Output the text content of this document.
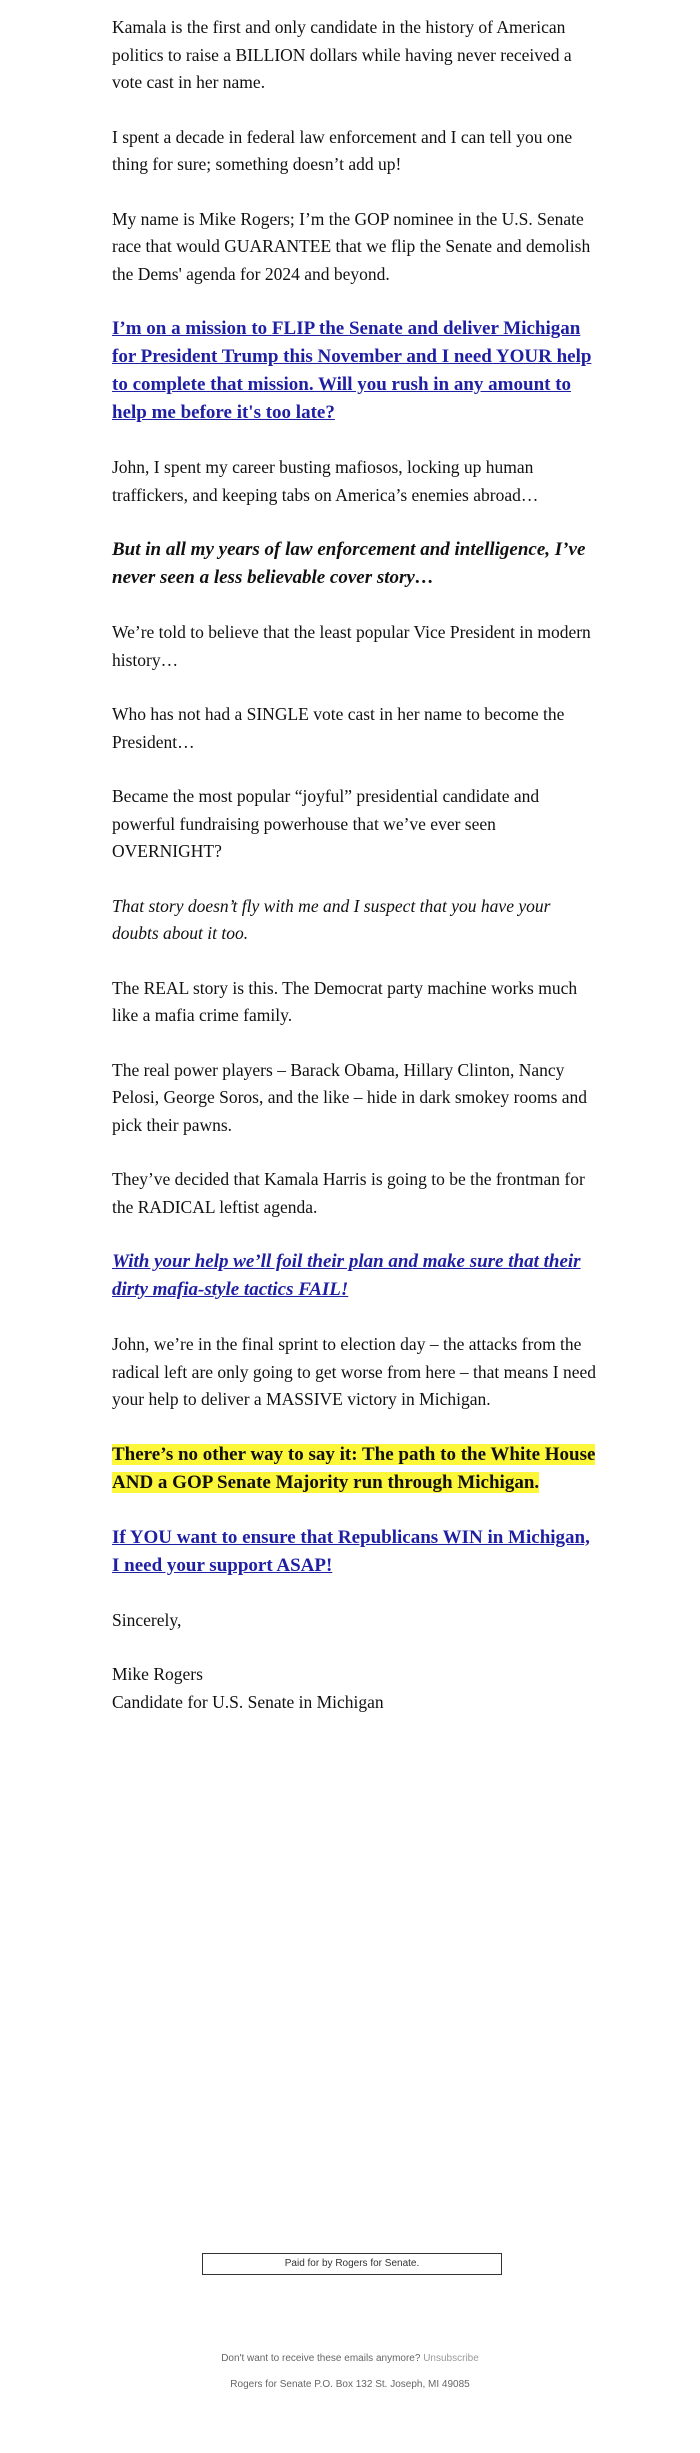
Kamala is the first and only candidate in the history of American politics to raise a BILLION dollars while having never received a vote cast in her name.

I spent a decade in federal law enforcement and I can tell you one thing for sure; something doesn’t add up!

My name is Mike Rogers; I’m the GOP nominee in the U.S. Senate race that would GUARANTEE that we flip the Senate and demolish the Dems' agenda for 2024 and beyond.

I’m on a mission to FLIP the Senate and deliver Michigan for President Trump this November and I need YOUR help to complete that mission. Will you rush in any amount to help me before it's too late?

John, I spent my career busting mafiosos, locking up human traffickers, and keeping tabs on America’s enemies abroad…

But in all my years of law enforcement and intelligence, I’ve never seen a less believable cover story…

We’re told to believe that the least popular Vice President in modern history…

Who has not had a SINGLE vote cast in her name to become the President…

Became the most popular “joyful” presidential candidate and powerful fundraising powerhouse that we’ve ever seen OVERNIGHT?

That story doesn’t fly with me and I suspect that you have your doubts about it too.

The REAL story is this. The Democrat party machine works much like a mafia crime family.

The real power players – Barack Obama, Hillary Clinton, Nancy Pelosi, George Soros, and the like – hide in dark smokey rooms and pick their pawns.

They’ve decided that Kamala Harris is going to be the frontman for the RADICAL leftist agenda.

With your help we’ll foil their plan and make sure that their dirty mafia-style tactics FAIL!

John, we’re in the final sprint to election day – the attacks from the radical left are only going to get worse from here – that means I need your help to deliver a MASSIVE victory in Michigan.

There’s no other way to say it: The path to the White House AND a GOP Senate Majority run through Michigan.

If YOU want to ensure that Republicans WIN in Michigan, I need your support ASAP!

Sincerely,

Mike Rogers

Candidate for U.S. Senate in Michigan

Paid for by Rogers for Senate.
Don't want to receive these emails anymore? Unsubscribe
Rogers for Senate P.O. Box 132 St. Joseph, MI 49085
